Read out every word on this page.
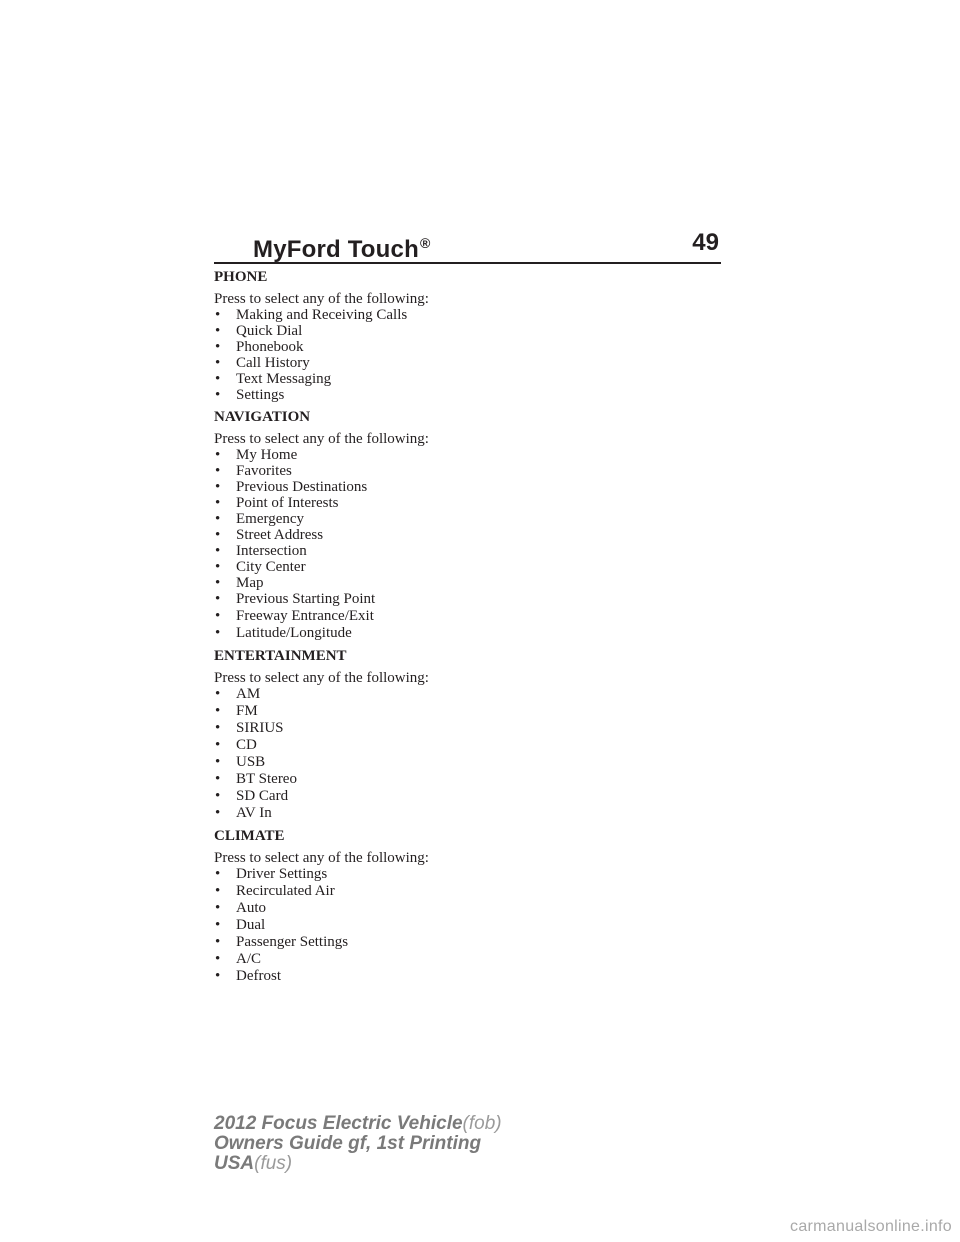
MyFord Touch®	49

PHONE

Press to select any of the following:

• Making and Receiving Calls
• Quick Dial
• Phonebook
• Call History
• Text Messaging
• Settings

NAVIGATION

Press to select any of the following:

• My Home
• Favorites
• Previous Destinations
• Point of Interests
• Emergency
• Street Address
• Intersection
• City Center
• Map
• Previous Starting Point
• Freeway Entrance/Exit
• Latitude/Longitude

ENTERTAINMENT

Press to select any of the following:

• AM
• FM
• SIRIUS
• CD
• USB
• BT Stereo
• SD Card
• AV In

CLIMATE

Press to select any of the following:

• Driver Settings
• Recirculated Air
• Auto
• Dual
• Passenger Settings
• A/C
• Defrost
2012 Focus Electric Vehicle(fob)
Owners Guide gf, 1st Printing
USA(fus)
carmanualsonline.info
